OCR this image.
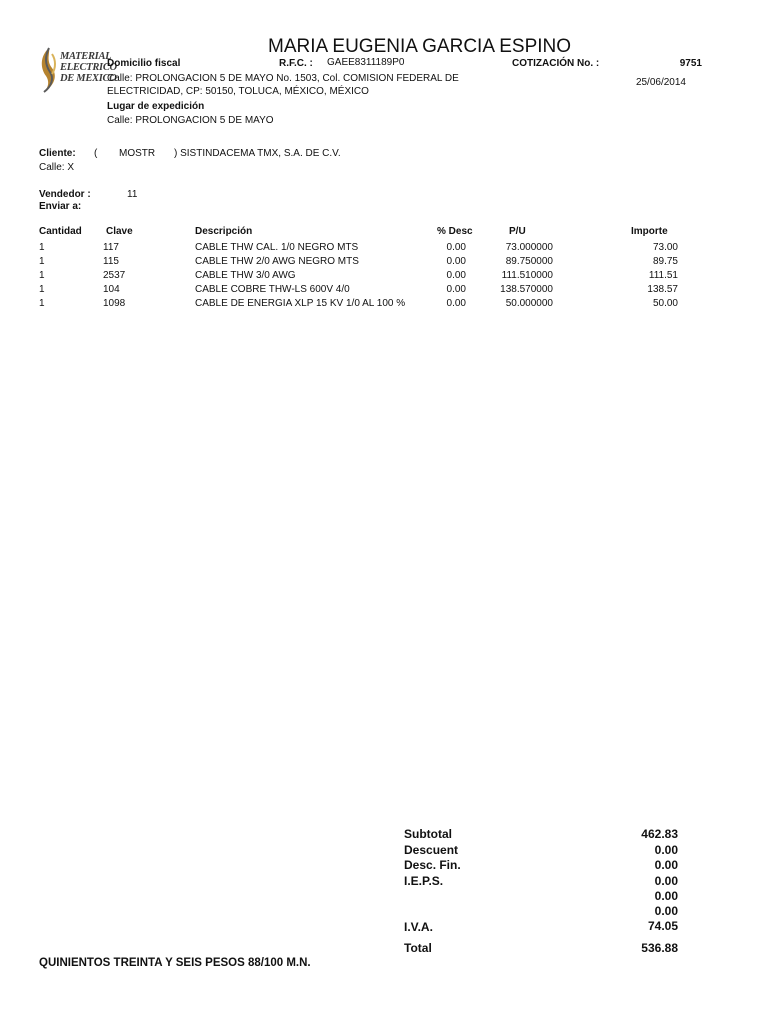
MATERIAL
ELECTRICO
DE MEXICO
MARIA EUGENIA GARCIA ESPINO
Domicilio fiscal	R.F.C. : GAEE8311189P0	COTIZACIÓN No. :	9751
Calle: PROLONGACION 5 DE MAYO No. 1503, Col. COMISION FEDERAL DE	25/06/2014
ELECTRICIDAD, CP: 50150, TOLUCA, MÉXICO, MÉXICO
Lugar de expedición
Calle: PROLONGACION 5 DE MAYO
Cliente: ( MOSTR ) SISTINDACEMA TMX, S.A. DE C.V.
Calle: X
Vendedor :	11
Enviar a:
Cantidad Clave	Descripción	% Desc	P/U	Importe
1	117	CABLE THW CAL. 1/0 NEGRO MTS	0.00	73.000000	73.00
1	115	CABLE THW 2/0 AWG NEGRO MTS	0.00	89.750000	89.75
1	2537	CABLE THW 3/0 AWG	0.00	111.510000	111.51
1	104	CABLE COBRE THW-LS 600V 4/0	0.00	138.570000	138.57
1	1098	CABLE DE ENERGIA XLP 15 KV 1/0 AL 100 %	0.00	50.000000	50.00
Subtotal	462.83
Descuent	0.00
Desc. Fin.	0.00
I.E.P.S.	0.00
0.00
0.00
I.V.A.	74.05
Total	536.88
QUINIENTOS TREINTA Y SEIS PESOS 88/100 M.N.
